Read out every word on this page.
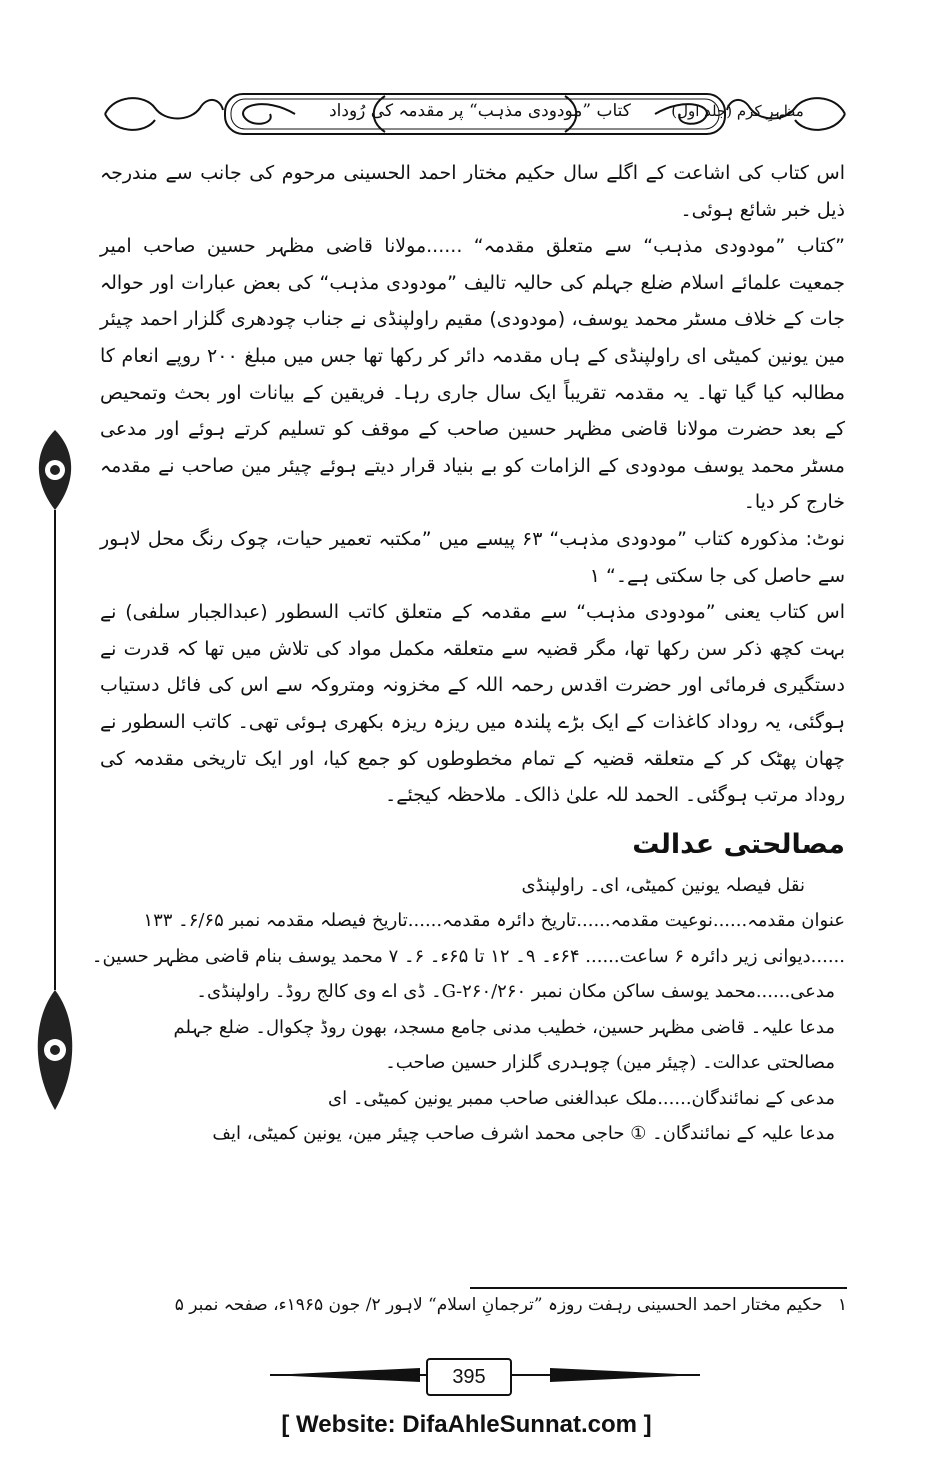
کتاب ”مودودی مذہب“ پر مقدمہ کی رُوداد	مظہرِ کرم (جلد اول)

اس کتاب کی اشاعت کے اگلے سال حکیم مختار احمد الحسینی مرحوم کی جانب سے مندرجہ ذیل خبر شائع ہوئی۔

”کتاب ”مودودی مذہب“ سے متعلق مقدمہ“ ......مولانا قاضی مظہر حسین صاحب امیر جمعیت علمائے اسلام ضلع جہلم کی حالیہ تالیف ”مودودی مذہب“ کی بعض عبارات اور حوالہ جات کے خلاف مسٹر محمد یوسف، (مودودی) مقیم راولپنڈی نے جناب چودھری گلزار احمد چیئر مین یونین کمیٹی ای راولپنڈی کے ہاں مقدمہ دائر کر رکھا تھا جس میں مبلغ ۲۰۰ روپے انعام کا مطالبہ کیا گیا تھا۔ یہ مقدمہ تقریباً ایک سال جاری رہا۔ فریقین کے بیانات اور بحث وتمحیص کے بعد حضرت مولانا قاضی مظہر حسین صاحب کے موقف کو تسلیم کرتے ہوئے اور مدعی مسٹر محمد یوسف مودودی کے الزامات کو بے بنیاد قرار دیتے ہوئے چیئر مین صاحب نے مقدمہ خارج کر دیا۔

نوٹ: مذکورہ کتاب ”مودودی مذہب“ ۶۳ پیسے میں ”مکتبہ تعمیر حیات، چوک رنگ محل لاہور سے حاصل کی جا سکتی ہے۔“ ۱

اس کتاب یعنی ”مودودی مذہب“ سے مقدمہ کے متعلق کاتب السطور (عبدالجبار سلفی) نے بہت کچھ ذکر سن رکھا تھا، مگر قضیہ سے متعلقہ مکمل مواد کی تلاش میں تھا کہ قدرت نے دستگیری فرمائی اور حضرت اقدس رحمہ اللہ کے مخزونہ ومتروکہ سے اس کی فائل دستیاب ہوگئی، یہ روداد کاغذات کے ایک بڑے پلندہ میں ریزہ ریزہ بکھری ہوئی تھی۔ کاتب السطور نے چھان پھٹک کر کے متعلقہ قضیہ کے تمام مخطوطوں کو جمع کیا، اور ایک تاریخی مقدمہ کی روداد مرتب ہوگئی۔ الحمد للہ علیٰ ذالک۔ ملاحظہ کیجئے۔

مصالحتی عدالت
نقل فیصلہ یونین کمیٹی، ای۔ راولپنڈی
عنوان مقدمہ......نوعیت مقدمہ......تاریخ دائرہ مقدمہ......تاریخ فیصلہ مقدمہ نمبر ۶/۶۵۔ ۱۳۳
......دیوانی زیر دائرہ ۶ ساعت...... ۶۴ء۔ ۹۔ ۱۲ تا ۶۵ء۔ ۶۔ ۷ محمد یوسف بنام قاضی مظہر حسین۔
مدعی......محمد یوسف ساکن مکان نمبر ۲۶۰/۲۶۰-G۔ ڈی اے وی کالج روڈ۔ راولپنڈی۔
مدعا علیہ۔ قاضی مظہر حسین، خطیب مدنی جامع مسجد، بھون روڈ چکوال۔ ضلع جہلم
مصالحتی عدالت۔ (چیئر مین) چوہدری گلزار حسین صاحب۔
مدعی کے نمائندگان......ملک عبدالغنی صاحب ممبر یونین کمیٹی۔ ای
مدعا علیہ کے نمائندگان۔ ① حاجی محمد اشرف صاحب چیئر مین، یونین کمیٹی، ایف
۱ حکیم مختار احمد الحسینی رہفت روزہ ”ترجمانِ اسلام“ لاہور ۲/ جون ۱۹۶۵ء، صفحہ نمبر ۵
395
[ Website: DifaAhleSunnat.com ]
